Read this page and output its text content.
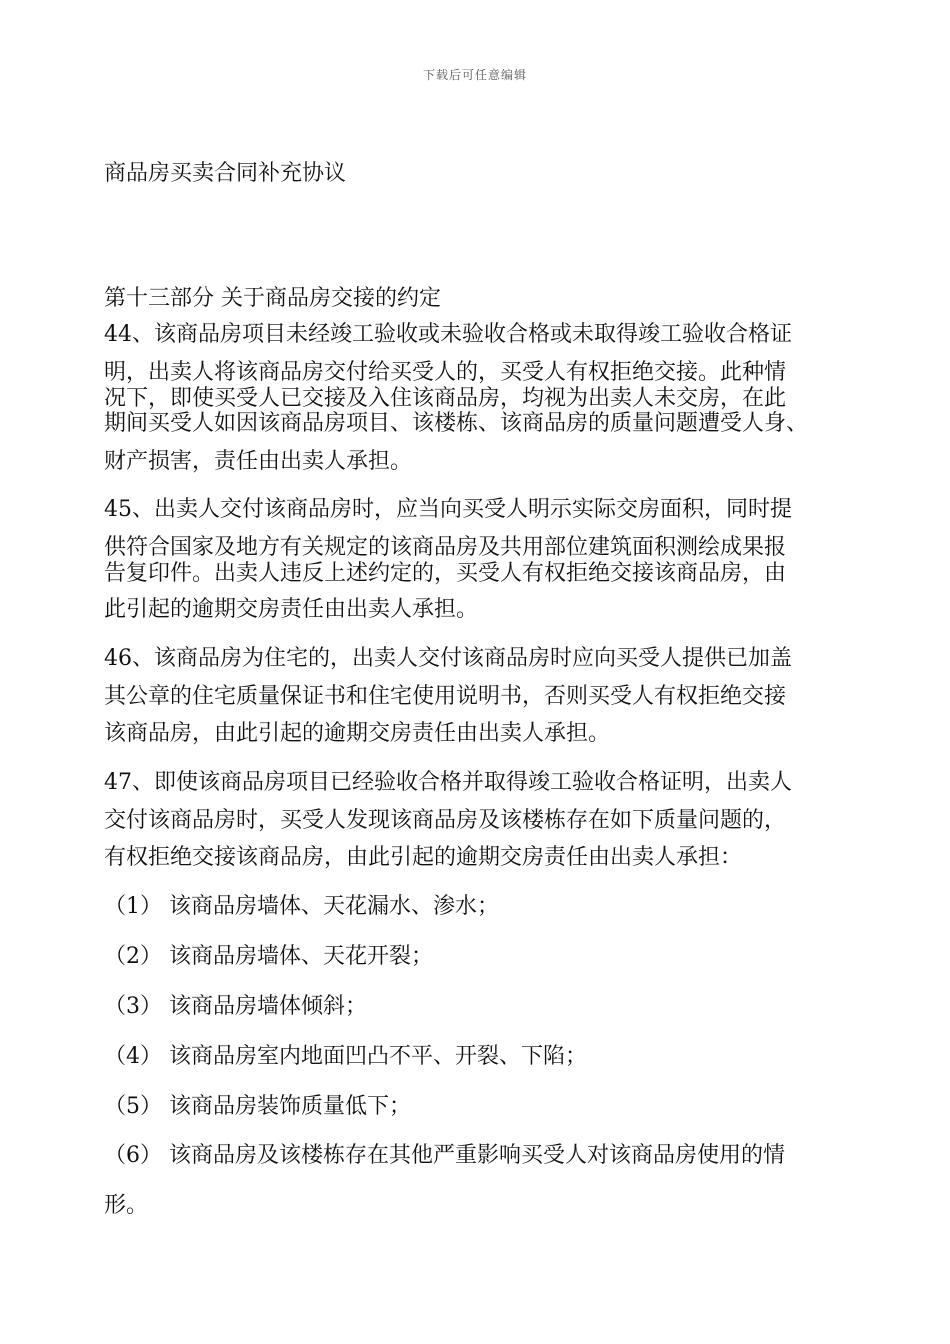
下载后可任意编辑
商品房买卖合同补充协议
第十三部分 关于商品房交接的约定
44、该商品房项目未经竣工验收或未验收合格或未取得竣工验收合格证
明，出卖人将该商品房交付给买受人的，买受人有权拒绝交接。此种情
况下，即使买受人已交接及入住该商品房，均视为出卖人未交房，在此
期间买受人如因该商品房项目、该楼栋、该商品房的质量问题遭受人身、
财产损害，责任由出卖人承担。
45、出卖人交付该商品房时，应当向买受人明示实际交房面积，同时提
供符合国家及地方有关规定的该商品房及共用部位建筑面积测绘成果报
告复印件。出卖人违反上述约定的，买受人有权拒绝交接该商品房，由
此引起的逾期交房责任由出卖人承担。
46、该商品房为住宅的，出卖人交付该商品房时应向买受人提供已加盖
其公章的住宅质量保证书和住宅使用说明书，否则买受人有权拒绝交接
该商品房，由此引起的逾期交房责任由出卖人承担。
47、即使该商品房项目已经验收合格并取得竣工验收合格证明，出卖人
交付该商品房时，买受人发现该商品房及该楼栋存在如下质量问题的，
有权拒绝交接该商品房，由此引起的逾期交房责任由出卖人承担：
（1） 该商品房墙体、天花漏水、渗水；
（2） 该商品房墙体、天花开裂；
（3） 该商品房墙体倾斜；
（4） 该商品房室内地面凹凸不平、开裂、下陷；
（5） 该商品房装饰质量低下；
（6） 该商品房及该楼栋存在其他严重影响买受人对该商品房使用的情
形。
